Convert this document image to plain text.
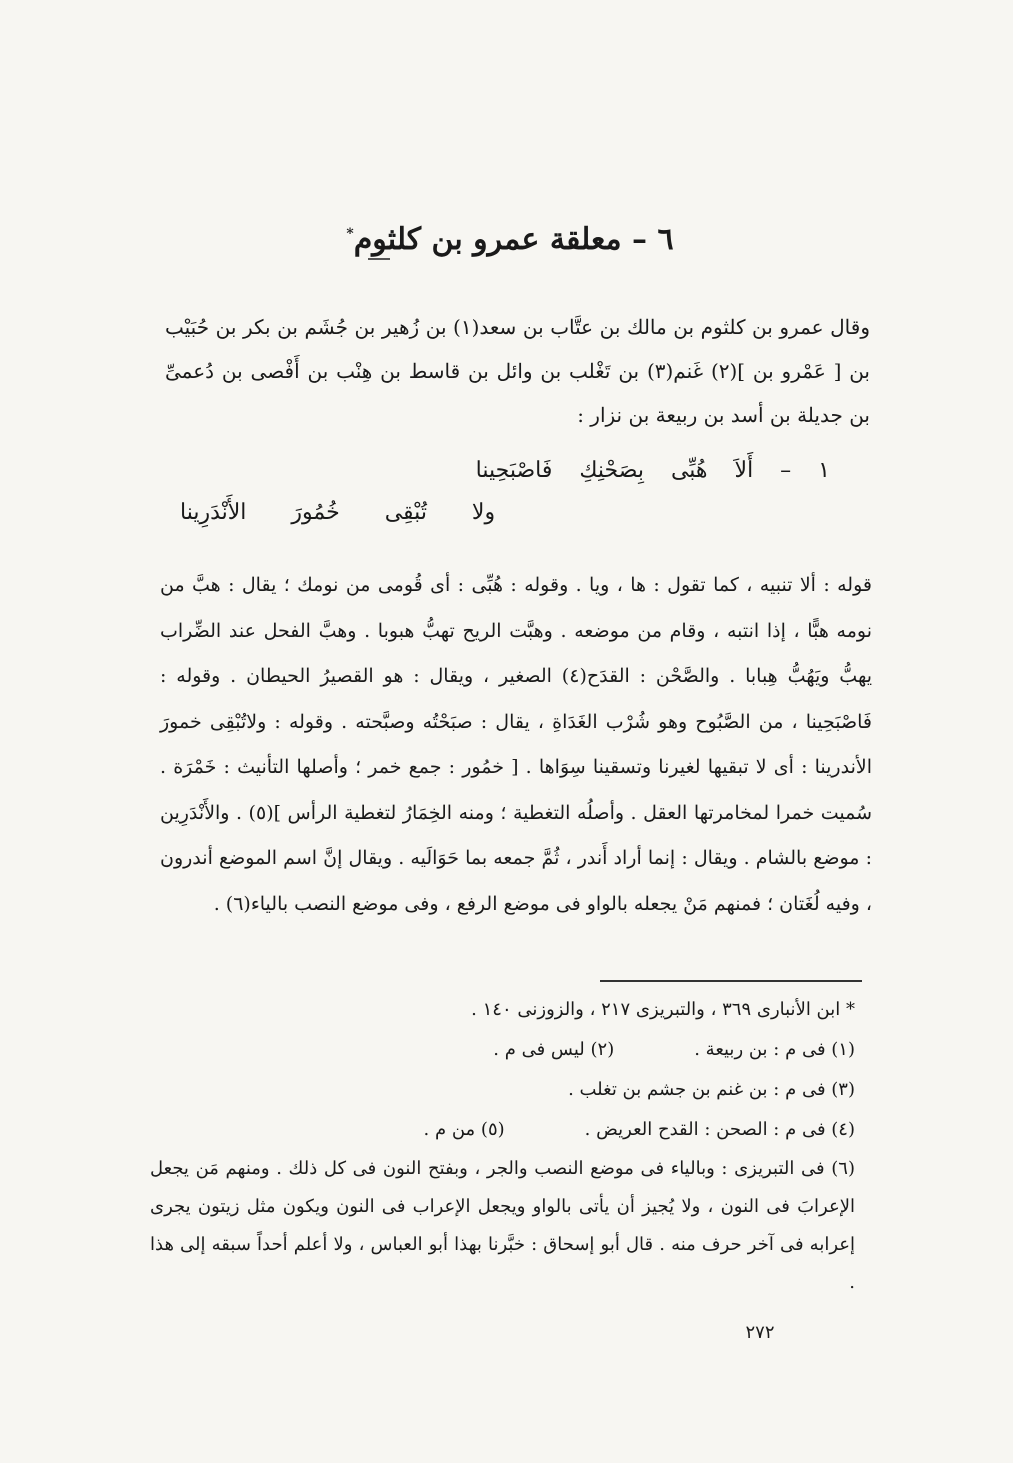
٦ – معلقة عمرو بن كلثوم*
وقال عمرو بن كلثوم بن مالك بن عتَّاب بن سعد(١) بن زُهير بن جُشَم بن بكر بن حُبَيْب بن [ عَمْرو بن ](٢) غَنم(٣) بن تَغْلب بن وائل بن قاسط بن هِنْب بن أَفْصى بن دُعمىِّ بن جديلة بن أسد بن ربيعة بن نزار :
١ – أَلاَ هُبِّى بِصَحْنِكِ فَاصْبَحِينا
ولا تُبْقِى خُمُورَ الأَنْدَرِينا
قوله : ألا تنبيه ، كما تقول : ها ، ويا . وقوله : هُبِّى : أى قُومى من نومك ؛ يقال : هبَّ من نومه هبًّا ، إذا انتبه ، وقام من موضعه . وهبَّت الريح تهبُّ هبوبا . وهبَّ الفحل عند الضِّراب يهبُّ ويَهُبُّ هِبابا . والصَّحْن : القدَح(٤) الصغير ، ويقال : هو القصيرُ الحيطان . وقوله : فَاصْبَحِينا ، من الصَّبُوح وهو شُرْب الغَدَاةِ ، يقال : صبَحْتُه وصبَّحته . وقوله : ولاتُبْقِى خمورَ الأندرينا : أى لا تبقيها لغيرنا وتسقينا سِوَاها . [ خمُور : جمع خمر ؛ وأصلها التأنيث : خَمْرَة . سُميت خمرا لمخامرتها العقل . وأصلُه التغطية ؛ ومنه الخِمَارُ لتغطية الرأس ](٥) . والأَنْدَرِين : موضع بالشام . ويقال : إنما أراد أَندر ، ثُمَّ جمعه بما حَوَالَيه . ويقال إنَّ اسم الموضع أندرون ، وفيه لُغَتان ؛ فمنهم مَنْ يجعله بالواو فى موضع الرفع ، وفى موضع النصب بالياء(٦) .
* ابن الأنبارى ٣٦٩ ، والتبريزى ٢١٧ ، والزوزنى ١٤٠ .
(١) فى م : بن ربيعة .
(٢) ليس فى م .
(٣) فى م : بن غنم بن جشم بن تغلب .
(٤) فى م : الصحن : القدح العريض .
(٥) من م .
(٦) فى التبريزى : وبالياء فى موضع النصب والجر ، وبفتح النون فى كل ذلك . ومنهم مَن يجعل الإعرابَ فى النون ، ولا يُجيز أن يأتى بالواو ويجعل الإعراب فى النون ويكون مثل زيتون يجرى إعرابه فى آخر حرف منه . قال أبو إسحاق : خبَّرنا بهذا أبو العباس ، ولا أعلم أحداً سبقه إلى هذا .
٢٧٢
